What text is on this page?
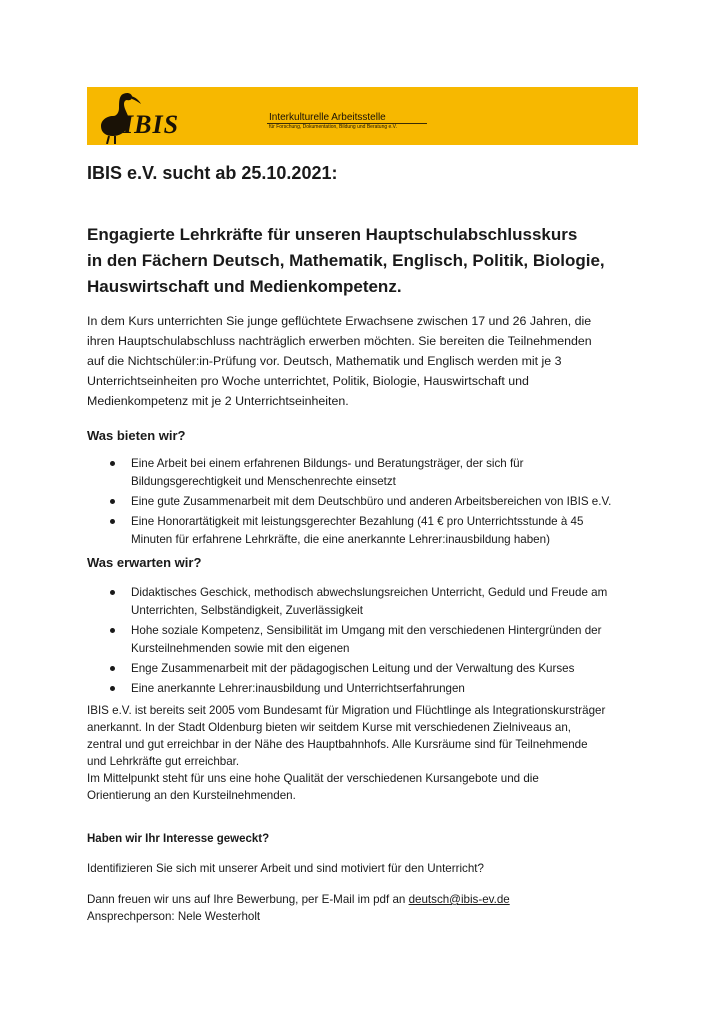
IBIS	Interkulturelle Arbeitsstelle
für Forschung, Dokumentation, Bildung und Beratung e.V.
IBIS e.V. sucht ab 25.10.2021:
Engagierte Lehrkräfte für unseren Hauptschulabschlusskurs
in den Fächern Deutsch, Mathematik, Englisch, Politik, Biologie,
Hauswirtschaft und Medienkompetenz.
In dem Kurs unterrichten Sie junge geflüchtete Erwachsene zwischen 17 und 26 Jahren, die
ihren Hauptschulabschluss nachträglich erwerben möchten. Sie bereiten die Teilnehmenden
auf die Nichtschüler:in-Prüfung vor. Deutsch, Mathematik und Englisch werden mit je 3
Unterrichtseinheiten pro Woche unterrichtet, Politik, Biologie, Hauswirtschaft und
Medienkompetenz mit je 2 Unterrichtseinheiten.
Was bieten wir?
Eine Arbeit bei einem erfahrenen Bildungs- und Beratungsträger, der sich für
Bildungsgerechtigkeit und Menschenrechte einsetzt
Eine gute Zusammenarbeit mit dem Deutschbüro und anderen Arbeitsbereichen von IBIS e.V.
Eine Honorartätigkeit mit leistungsgerechter Bezahlung (41 € pro Unterrichtsstunde à 45
Minuten für erfahrene Lehrkräfte, die eine anerkannte Lehrer:inausbildung haben)
Was erwarten wir?
Didaktisches Geschick, methodisch abwechslungsreichen Unterricht, Geduld und Freude am
Unterrichten, Selbständigkeit, Zuverlässigkeit
Hohe soziale Kompetenz, Sensibilität im Umgang mit den verschiedenen Hintergründen der
Kursteilnehmenden sowie mit den eigenen
Enge Zusammenarbeit mit der pädagogischen Leitung und der Verwaltung des Kurses
Eine anerkannte Lehrer:inausbildung und Unterrichtserfahrungen
IBIS e.V. ist bereits seit 2005 vom Bundesamt für Migration und Flüchtlinge als Integrationskursträger
anerkannt. In der Stadt Oldenburg bieten wir seitdem Kurse mit verschiedenen Zielniveaus an,
zentral und gut erreichbar in der Nähe des Hauptbahnhofs. Alle Kursräume sind für Teilnehmende
und Lehrkräfte gut erreichbar.
Im Mittelpunkt steht für uns eine hohe Qualität der verschiedenen Kursangebote und die
Orientierung an den Kursteilnehmenden.
Haben wir Ihr Interesse geweckt?
Identifizieren Sie sich mit unserer Arbeit und sind motiviert für den Unterricht?
Dann freuen wir uns auf Ihre Bewerbung, per E-Mail im pdf an deutsch@ibis-ev.de
Ansprechperson: Nele Westerholt
